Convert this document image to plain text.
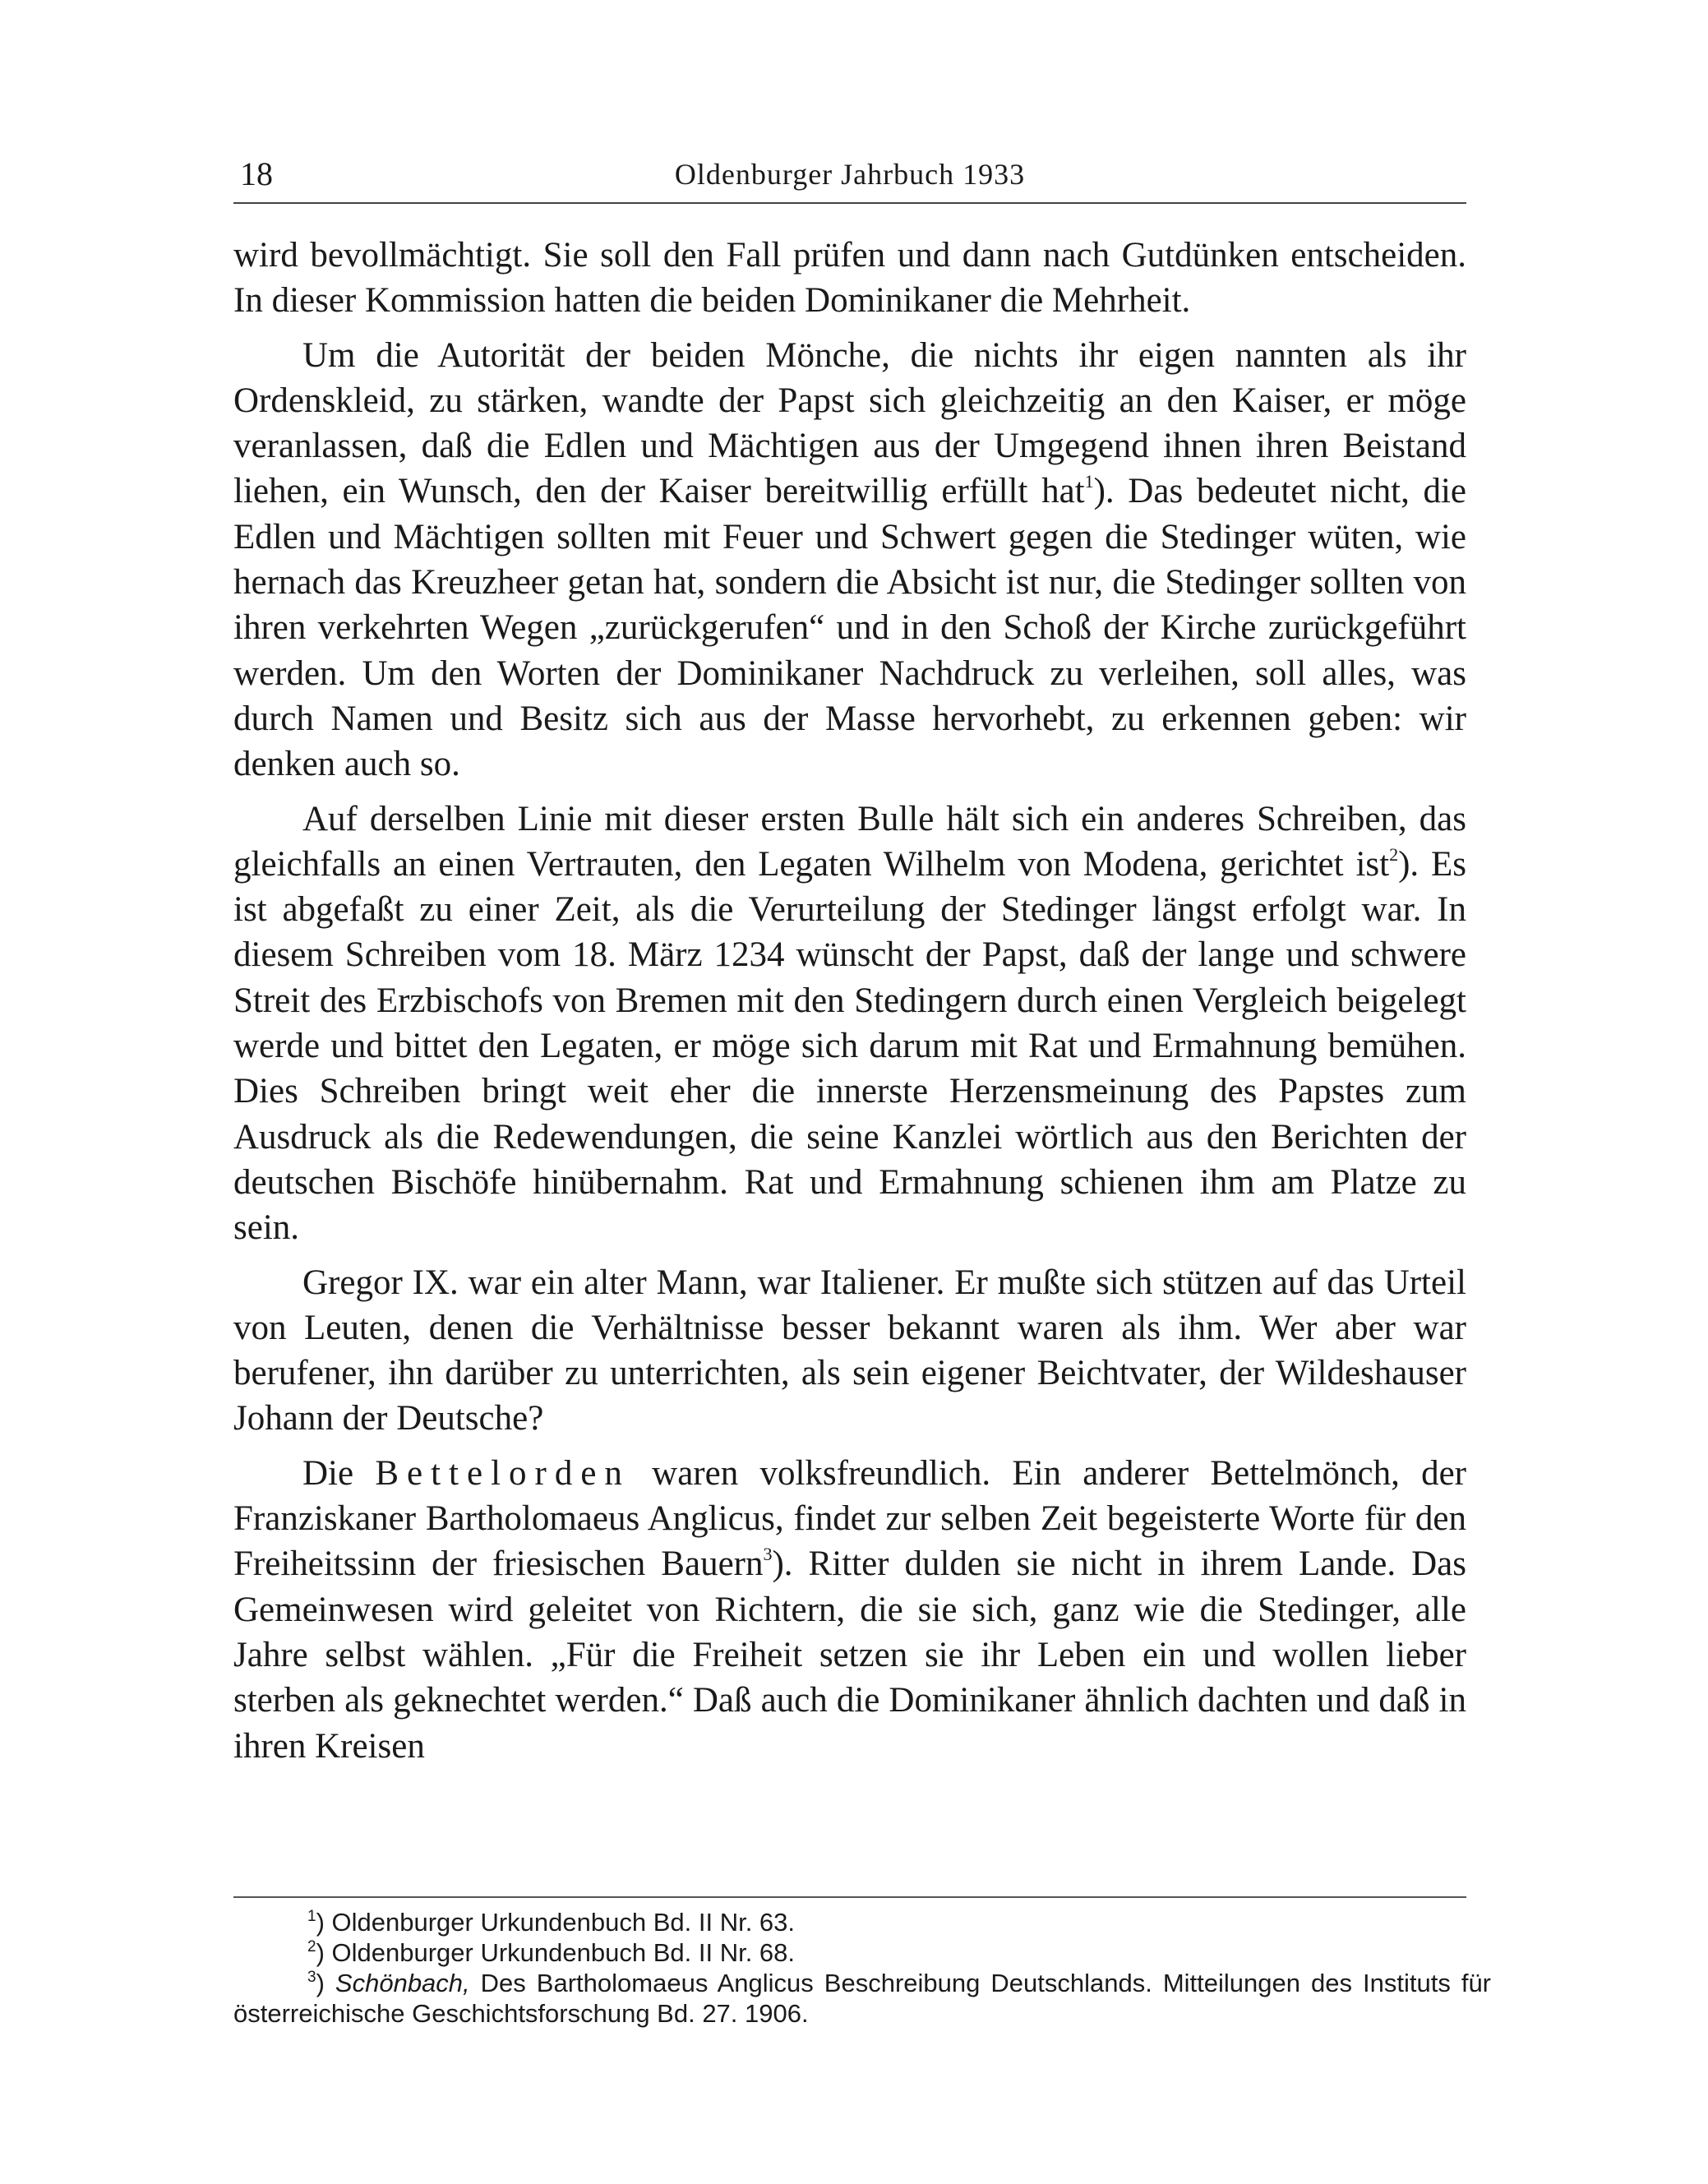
18	Oldenburger Jahrbuch 1933

wird bevollmächtigt. Sie soll den Fall prüfen und dann nach Gutdünken entscheiden. In dieser Kommission hatten die beiden Dominikaner die Mehrheit.

Um die Autorität der beiden Mönche, die nichts ihr eigen nannten als ihr Ordenskleid, zu stärken, wandte der Papst sich gleichzeitig an den Kaiser, er möge veranlassen, daß die Edlen und Mächtigen aus der Umgegend ihnen ihren Beistand liehen, ein Wunsch, den der Kaiser bereitwillig erfüllt hat$^1$). Das bedeutet nicht, die Edlen und Mächtigen sollten mit Feuer und Schwert gegen die Stedinger wüten, wie hernach das Kreuzheer getan hat, sondern die Absicht ist nur, die Stedinger sollten von ihren verkehrten Wegen „zurückgerufen“ und in den Schoß der Kirche zurückgeführt werden. Um den Worten der Dominikaner Nachdruck zu verleihen, soll alles, was durch Namen und Besitz sich aus der Masse hervorhebt, zu erkennen geben: wir denken auch so.

Auf derselben Linie mit dieser ersten Bulle hält sich ein anderes Schreiben, das gleichfalls an einen Vertrauten, den Legaten Wilhelm von Modena, gerichtet ist$^2$). Es ist abgefaßt zu einer Zeit, als die Verurteilung der Stedinger längst erfolgt war. In diesem Schreiben vom 18. März 1234 wünscht der Papst, daß der lange und schwere Streit des Erzbischofs von Bremen mit den Stedingern durch einen Vergleich beigelegt werde und bittet den Legaten, er möge sich darum mit Rat und Ermahnung bemühen. Dies Schreiben bringt weit eher die innerste Herzensmeinung des Papstes zum Ausdruck als die Redewendungen, die seine Kanzlei wörtlich aus den Berichten der deutschen Bischöfe hinübernahm. Rat und Ermahnung schienen ihm am Platze zu sein.

Gregor IX. war ein alter Mann, war Italiener. Er mußte sich stützen auf das Urteil von Leuten, denen die Verhältnisse besser bekannt waren als ihm. Wer aber war berufener, ihn darüber zu unterrichten, als sein eigener Beichtvater, der Wildeshauser Johann der Deutsche?

Die Bettelorden waren volksfreundlich. Ein anderer Bettelmönch, der Franziskaner Bartholomaeus Anglicus, findet zur selben Zeit begeisterte Worte für den Freiheitssinn der friesischen Bauern$^3$). Ritter dulden sie nicht in ihrem Lande. Das Gemeinwesen wird geleitet von Richtern, die sie sich, ganz wie die Stedinger, alle Jahre selbst wählen. „Für die Freiheit setzen sie ihr Leben ein und wollen lieber sterben als geknechtet werden.“ Daß auch die Dominikaner ähnlich dachten und daß in ihren Kreisen

$^1$) Oldenburger Urkundenbuch Bd. II Nr. 63.

$^2$) Oldenburger Urkundenbuch Bd. II Nr. 68.

$^3$) Schönbach, Des Bartholomaeus Anglicus Beschreibung Deutschlands. Mitteilungen des Instituts für österreichische Geschichtsforschung Bd. 27. 1906.
